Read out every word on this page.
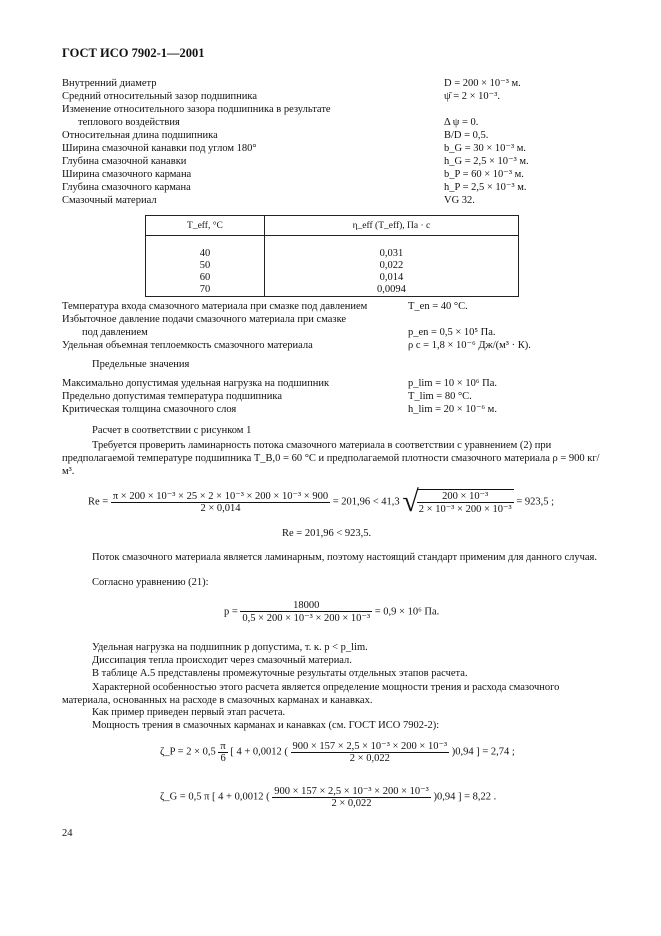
ГОСТ ИСО 7902-1—2001
Внутренний диаметр	D = 200 × 10⁻³ м.
Средний относительный зазор подшипника	ψ̄ = 2 × 10⁻³.
Изменение относительного зазора подшипника в результате
теплового воздействия	Δ ψ = 0.
Относительная длина подшипника	B/D = 0,5.
Ширина смазочной канавки под углом 180°	b_G = 30 × 10⁻³ м.
Глубина смазочной канавки	h_G = 2,5 × 10⁻³ м.
Ширина смазочного кармана	b_P = 60 × 10⁻³ м.
Глубина смазочного кармана	h_P = 2,5 × 10⁻³ м.
Смазочный материал	VG 32.
T_eff, °C	η_eff (T_eff), Па · с

40	0,031
50	0,022
60	0,014
70	0,0094
Температура входа смазочного материала при смазке под давлением	T_en = 40 °C.
Избыточное давление подачи смазочного материала при смазке
под давлением	p_en = 0,5 × 10⁵ Па.
Удельная объемная теплоемкость смазочного материала	ρ c = 1,8 × 10⁻⁶ Дж/(м³ · К).
Предельные значения
Максимально допустимая удельная нагрузка на подшипник	p_lim = 10 × 10⁶ Па.
Предельно допустимая температура подшипника	T_lim = 80 °C.
Критическая толщина смазочного слоя	h_lim = 20 × 10⁻⁶ м.
Расчет в соответствии с рисунком 1
Требуется проверить ламинарность потока смазочного материала в соответствии с уравнением (2) при предполагаемой температуре подшипника T_B,0 = 60 °C и предполагаемой плотности смазочного материала ρ = 900 кг/м³.
$Re = \frac{\text{π × 200 × 10⁻³ × 25 × 2 × 10⁻³ × 200 × 10⁻³ × 900}}{2 \times 0,014} = 201,96 < 41,3$ √
$\frac{\text{200 × 10⁻³}}{\text{2 × 10⁻³ × 200 × 10⁻³}} = 923,5$ ;
Re = 201,96 < 923,5.
Поток смазочного материала является ламинарным, поэтому настоящий стандарт применим для данного случая.
Согласно уравнению (21):
$p = \frac{18000}{\text{0,5 × 200 × 10⁻³ × 200 × 10⁻³}} = 0,9 \times 10^6$ Па.
Удельная нагрузка на подшипник p допустима, т. к. p < p_lim.
Диссипация тепла происходит через смазочный материал.
В таблице А.5 представлены промежуточные результаты отдельных этапов расчета.
Характерной особенностью этого расчета является определение мощности трения и расхода смазочного материала, основанных на расходе в смазочных карманах и канавках.
Как пример приведен первый этап расчета.
Мощность трения в смазочных карманах и канавках (см. ГОСТ ИСО 7902-2):
ζ_P = $2 \times 0,5 \frac{\pi}{6}$ [ 4 + 0,0012 ( $\frac{\text{900 × 157 × 2,5 × 10⁻³ × 200 × 10⁻³}}{2 \times 0,022} )0,94$ ] = 2,74 ;
ζ_G = 0,5 π [ 4 + 0,0012 ( $\frac{\text{900 × 157 × 2,5 × 10⁻³ × 200 × 10⁻³}}{2 \times 0,022} )0,94$ ] = 8,22 .
24
